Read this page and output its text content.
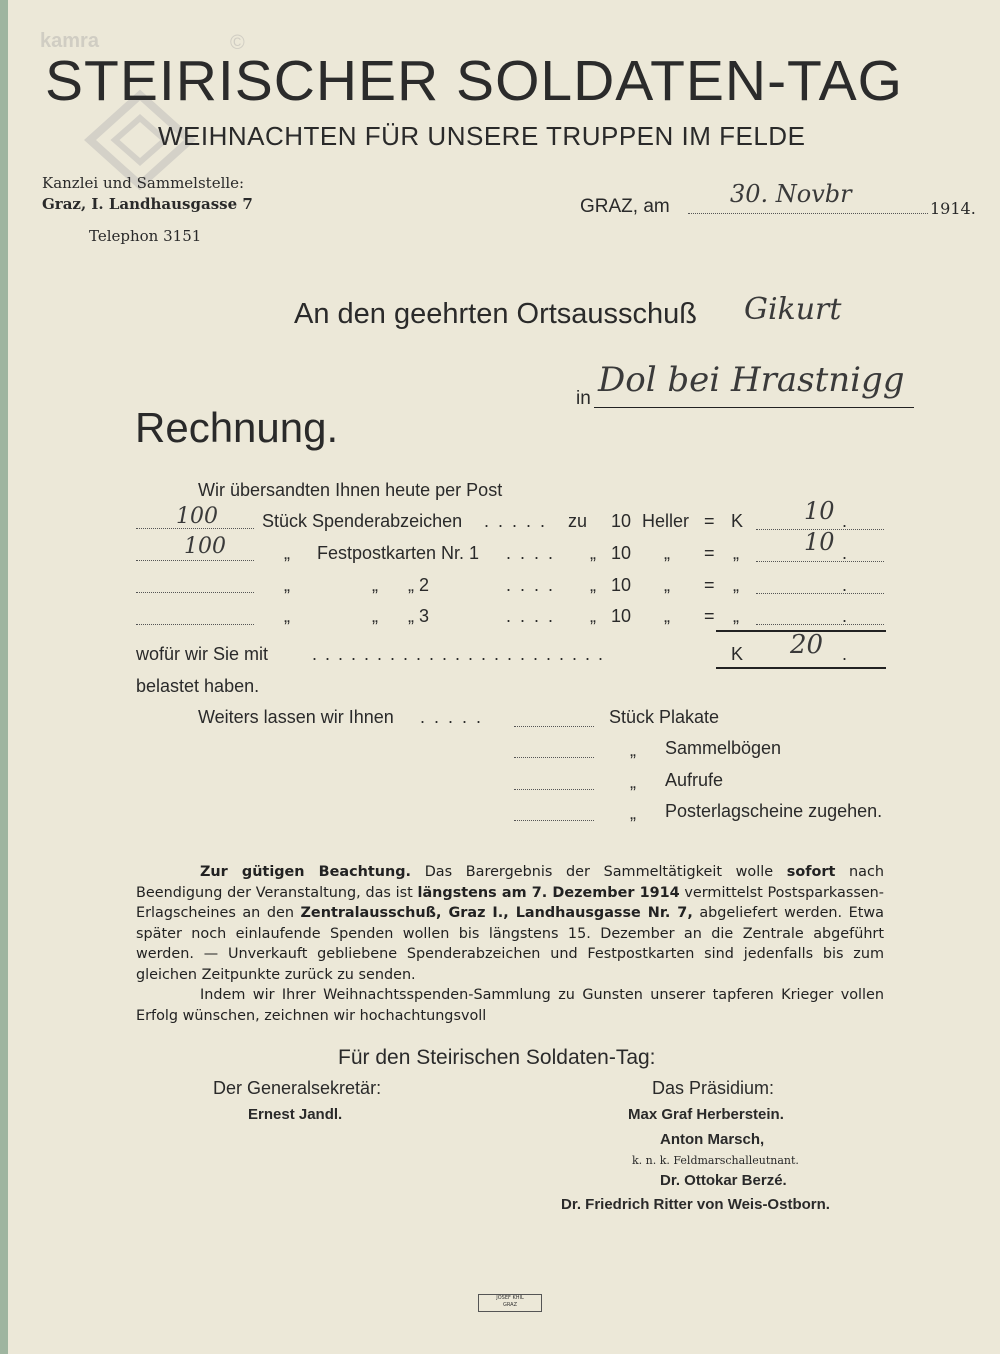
kamra	©
STEIRISCHER SOLDATEN-TAG
WEIHNACHTEN FÜR UNSERE TRUPPEN IM FELDE
Kanzlei und Sammelstelle:
Graz, I. Landhausgasse 7
Telephon 3151
GRAZ, am	30. Novbr
1914.
An den geehrten Ortsausschuß Gikurt
in Dol bei Hrastnigg
Rechnung.
Wir übersandten Ihnen heute per Post
100 Stück Spenderabzeichen . . . . . zu 10 Heller = K	10 .
100	„ Festpostkarten Nr. 1 . . . . „ 10 „ = „	10 .
„	„      „ 2	. . . . „ 10 „ = „	.
„	„      „ 3	. . . . „ 10 „ = „	.
wofür wir Sie mit . . . . . . . . . . . . . . . . . . . . . . .	K 20 .
belastet haben.
Weiters lassen wir Ihnen . . . . .	Stück Plakate
„ Sammelbögen
„ Aufrufe
„ Posterlagscheine zugehen.

Zur gütigen Beachtung. Das Barergebnis der Sammeltätigkeit wolle sofort nach Beendigung der Veranstaltung, das ist längstens am 7. Dezember 1914 vermittelst Postsparkassen-Erlagscheines an den Zentralausschuß, Graz I., Landhausgasse Nr. 7, abgeliefert werden. Etwa später noch einlaufende Spenden wollen bis längstens 15. Dezember an die Zentrale abgeführt werden. — Unverkauft gebliebene Spenderabzeichen und Festpostkarten sind jedenfalls bis zum gleichen Zeitpunkte zurück zu senden.

Indem wir Ihrer Weihnachtsspenden-Sammlung zu Gunsten unserer tapferen Krieger vollen Erfolg wünschen, zeichnen wir hochachtungsvoll

Für den Steirischen Soldaten-Tag:
Der Generalsekretär:
Ernest Jandl.
Das Präsidium:
Max Graf Herberstein.
Anton Marsch,
k. n. k. Feldmarschalleutnant.
Dr. Ottokar Berzé.
Dr. Friedrich Ritter von Weis-Ostborn.
JOSEF KHIL
GRAZ
